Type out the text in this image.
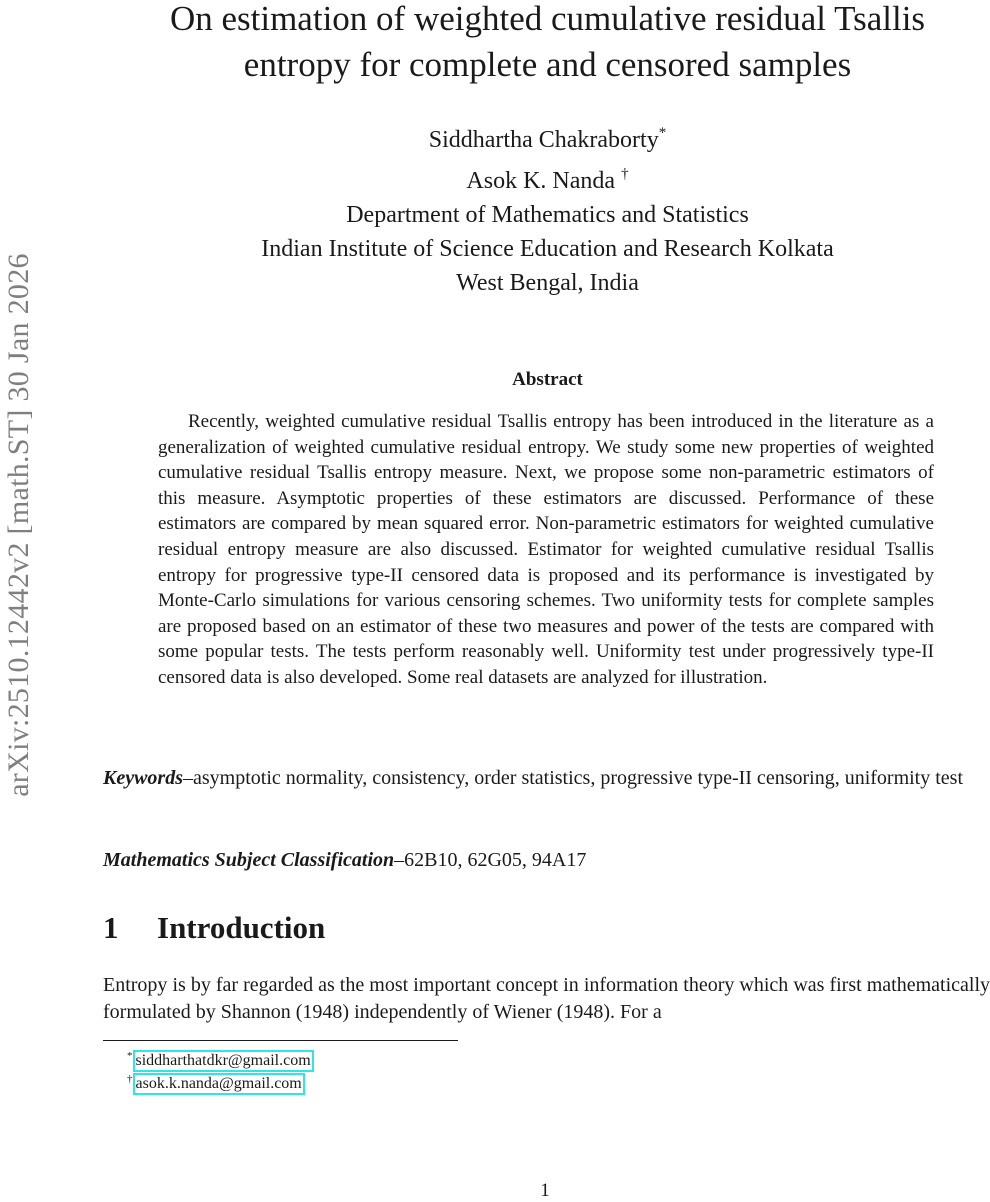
arXiv:2510.12442v2 [math.ST] 30 Jan 2026
On estimation of weighted cumulative residual Tsallis
entropy for complete and censored samples
Siddhartha Chakraborty*
Asok K. Nanda †
Department of Mathematics and Statistics
Indian Institute of Science Education and Research Kolkata
West Bengal, India
Abstract

Recently, weighted cumulative residual Tsallis entropy has been introduced in the literature as a generalization of weighted cumulative residual entropy. We study some new properties of weighted cumulative residual Tsallis entropy measure. Next, we propose some non-parametric estimators of this measure. Asymptotic properties of these estimators are discussed. Performance of these estimators are compared by mean squared error. Non-parametric estimators for weighted cumulative residual entropy measure are also discussed. Estimator for weighted cumulative residual Tsallis entropy for progressive type-II censored data is proposed and its performance is investigated by Monte-Carlo simulations for various censoring schemes. Two uniformity tests for complete samples are proposed based on an estimator of these two measures and power of the tests are compared with some popular tests. The tests perform reasonably well. Uniformity test under progressively type-II censored data is also developed. Some real datasets are analyzed for illustration.

Keywords–asymptotic normality, consistency, order statistics, progressive type-II censoring, uniformity test

Mathematics Subject Classification–62B10, 62G05, 94A17

1 Introduction

Entropy is by far regarded as the most important concept in information theory which was first mathematically formulated by Shannon (1948) independently of Wiener (1948). For a

* siddharthatdkr@gmail.com
† asok.k.nanda@gmail.com
1
